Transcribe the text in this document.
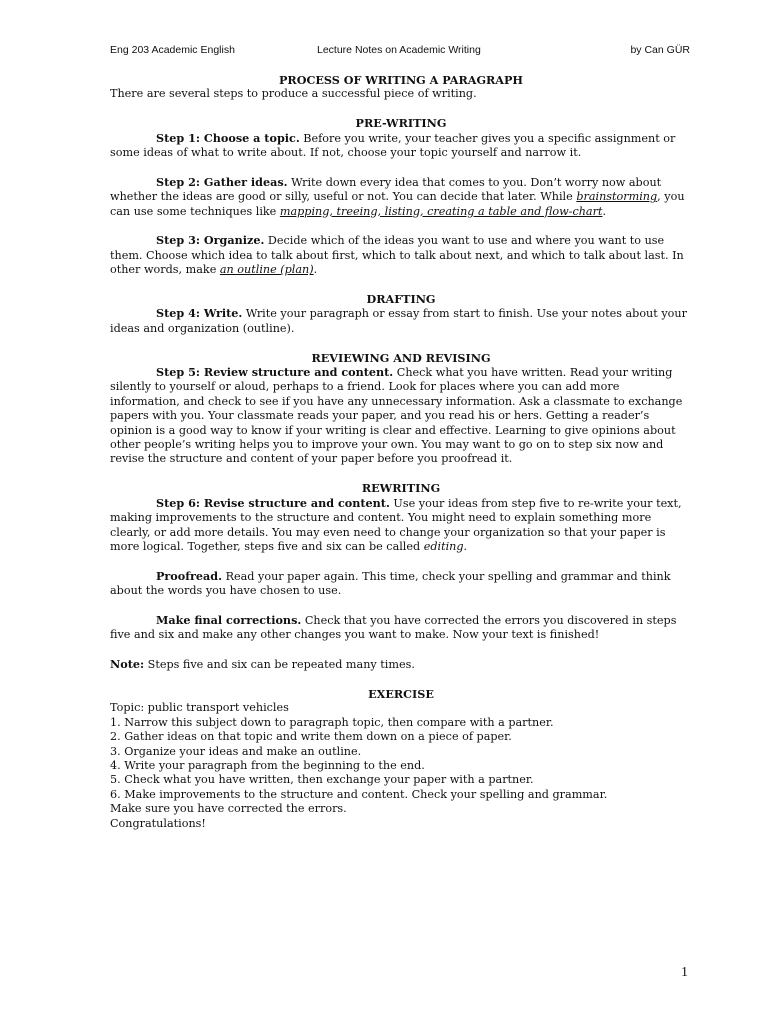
Eng 203 Academic English	Lecture Notes on Academic Writing	by Can GÜR

PROCESS OF WRITING A PARAGRAPH

There are several steps to produce a successful piece of writing.

PRE-WRITING

Step 1: Choose a topic. Before you write, your teacher gives you a specific assignment or some ideas of what to write about. If not, choose your topic yourself and narrow it.

Step 2: Gather ideas. Write down every idea that comes to you. Don’t worry now about whether the ideas are good or silly, useful or not. You can decide that later. While brainstorming, you can use some techniques like mapping, treeing, listing, creating a table and flow-chart.

Step 3: Organize. Decide which of the ideas you want to use and where you want to use them. Choose which idea to talk about first, which to talk about next, and which to talk about last. In other words, make an outline (plan).

DRAFTING

Step 4: Write. Write your paragraph or essay from start to finish. Use your notes about your ideas and organization (outline).

REVIEWING AND REVISING

Step 5: Review structure and content. Check what you have written. Read your writing silently to yourself or aloud, perhaps to a friend. Look for places where you can add more information, and check to see if you have any unnecessary information. Ask a classmate to exchange papers with you. Your classmate reads your paper, and you read his or hers. Getting a reader’s opinion is a good way to know if your writing is clear and effective. Learning to give opinions about other people’s writing helps you to improve your own. You may want to go on to step six now and revise the structure and content of your paper before you proofread it.

REWRITING

Step 6: Revise structure and content. Use your ideas from step five to re-write your text, making improvements to the structure and content. You might need to explain something more clearly, or add more details. You may even need to change your organization so that your paper is more logical. Together, steps five and six can be called editing.

Proofread. Read your paper again. This time, check your spelling and grammar and think about the words you have chosen to use.

Make final corrections. Check that you have corrected the errors you discovered in steps five and six and make any other changes you want to make. Now your text is finished!

Note: Steps five and six can be repeated many times.

EXERCISE

Topic: public transport vehicles

1. Narrow this subject down to paragraph topic, then compare with a partner.

2. Gather ideas on that topic and write them down on a piece of paper.

3. Organize your ideas and make an outline.

4. Write your paragraph from the beginning to the end.

5. Check what you have written, then exchange your paper with a partner.

6. Make improvements to the structure and content. Check your spelling and grammar.

Make sure you have corrected the errors.

Congratulations!

1
